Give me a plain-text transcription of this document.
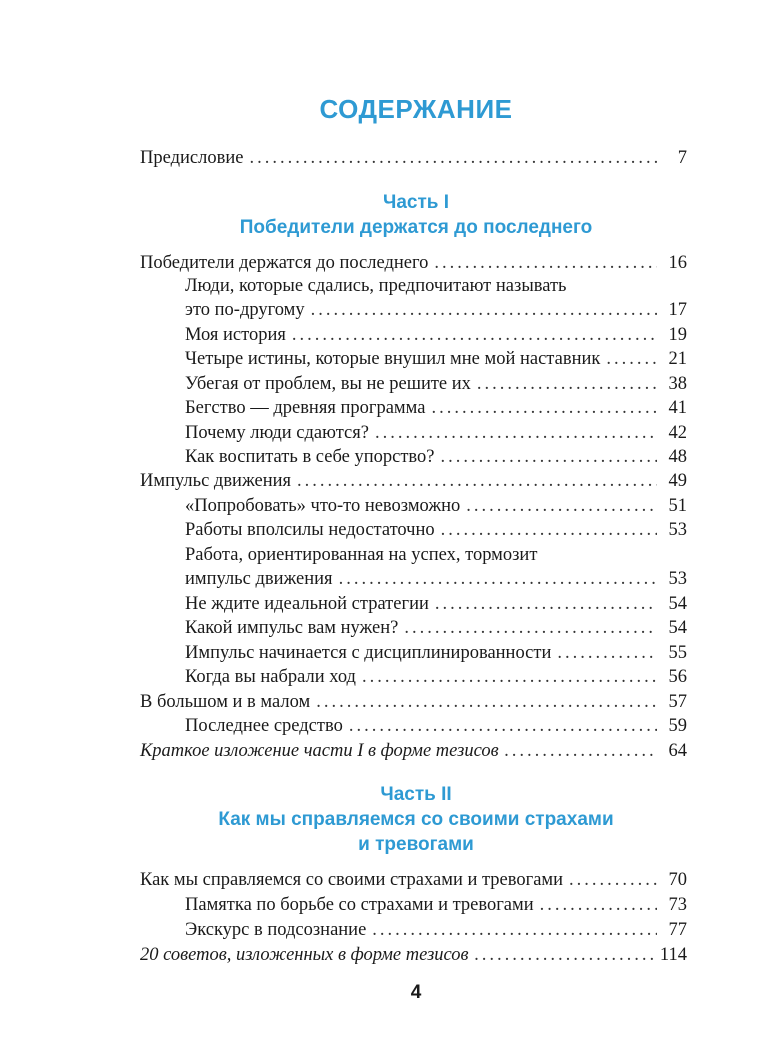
СОДЕРЖАНИЕ
Предисловие .....	7
Часть I
Победители держатся до последнего
Победители держатся до последнего .....	16
Люди, которые сдались, предпочитают называть
это по-другому .....	17
Моя история .....	19
Четыре истины, которые внушил мне мой наставник .....	21
Убегая от проблем, вы не решите их .....	38
Бегство — древняя программа .....	41
Почему люди сдаются? .....	42
Как воспитать в себе упорство? .....	48
Импульс движения .....	49
«Попробовать» что-то невозможно .....	51
Работы вполсилы недостаточно .....	53
Работа, ориентированная на успех, тормозит
импульс движения .....	53
Не ждите идеальной стратегии .....	54
Какой импульс вам нужен? .....	54
Импульс начинается с дисциплинированности .....	55
Когда вы набрали ход .....	56
В большом и в малом .....	57
Последнее средство .....	59
Краткое изложение части I в форме тезисов .....	64
Часть II
Как мы справляемся со своими страхами
и тревогами
Как мы справляемся со своими страхами и тревогами .....	70
Памятка по борьбе со страхами и тревогами .....	73
Экскурс в подсознание .....	77
20 советов, изложенных в форме тезисов .....	114
4
